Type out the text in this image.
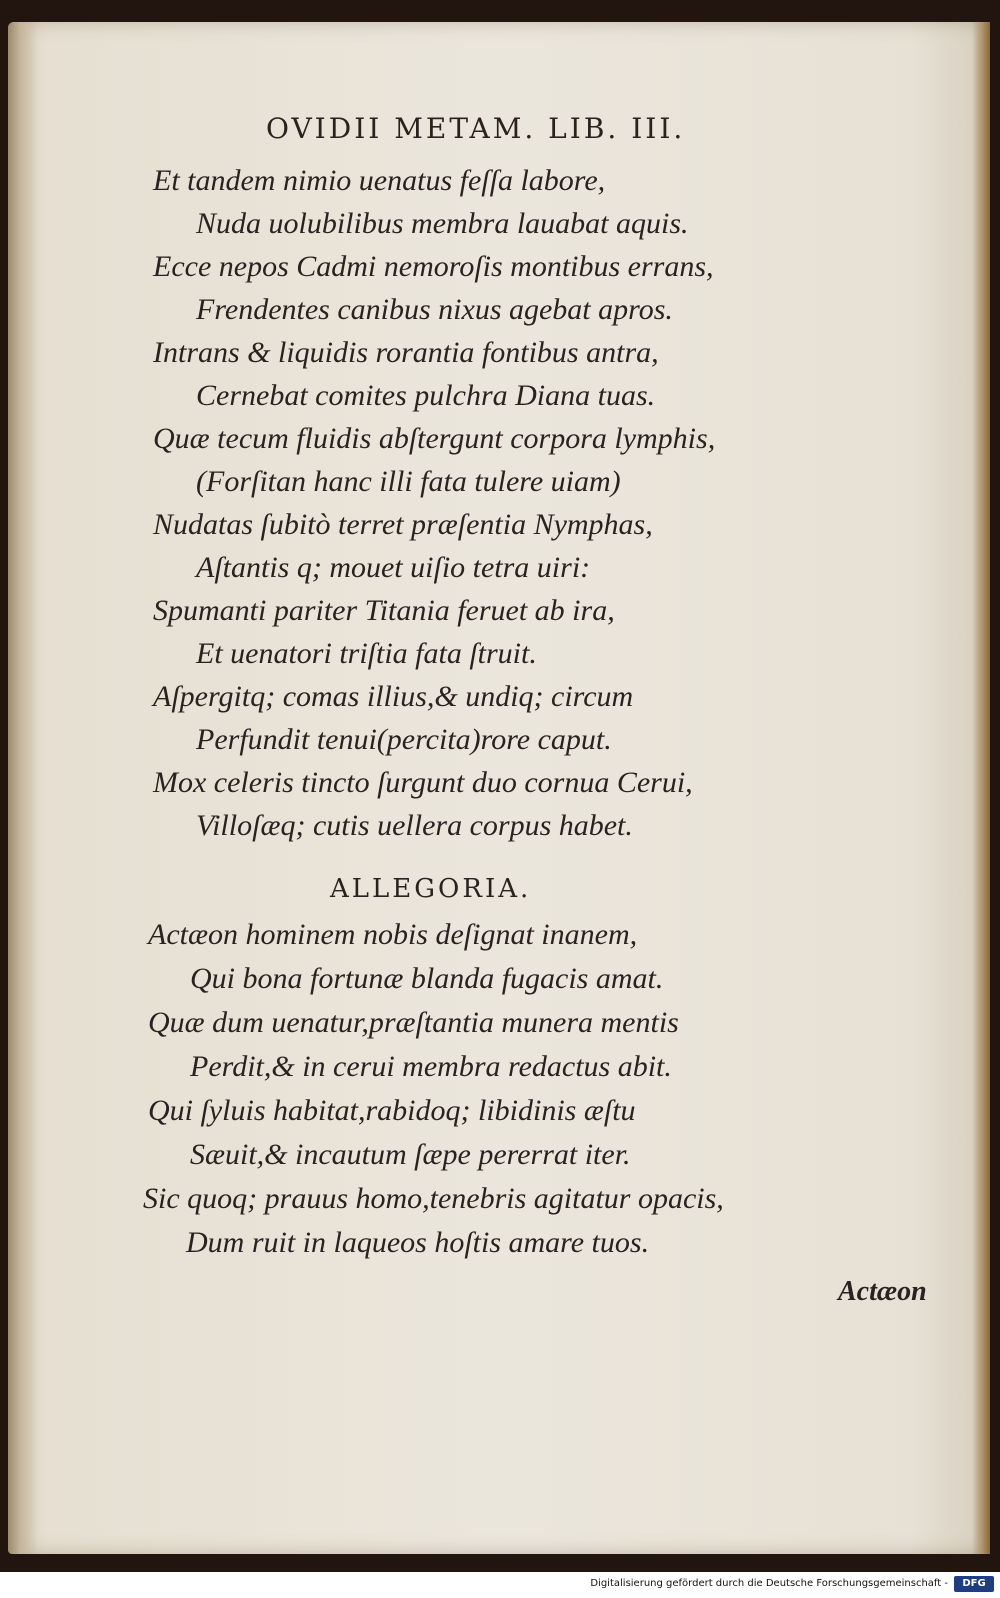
OVIDII METAM. LIB. III.
Et tandem nimio uenatus feſſa labore,
Nuda uolubilibus membra lauabat aquis.
Ecce nepos Cadmi nemoroſis montibus errans,
Frendentes canibus nixus agebat apros.
Intrans & liquidis rorantia fontibus antra,
Cernebat comites pulchra Diana tuas.
Quæ tecum fluidis abſtergunt corpora lymphis,
(Forſitan hanc illi fata tulere uiam)
Nudatas ſubitò terret præſentia Nymphas,
Aſtantis q; mouet uiſio tetra uiri:
Spumanti pariter Titania feruet ab ira,
Et uenatori triſtia fata ſtruit.
Aſpergitq; comas illius,& undiq; circum
Perfundit tenui(percita)rore caput.
Mox celeris tincto ſurgunt duo cornua Cerui,
Villoſæq; cutis uellera corpus habet.
ALLEGORIA.
Actæon hominem nobis deſignat inanem,
Qui bona fortunæ blanda fugacis amat.
Quæ dum uenatur,præſtantia munera mentis
Perdit,& in cerui membra redactus abit.
Qui ſyluis habitat,rabidoq; libidinis æſtu
Sæuit,& incautum ſæpe pererrat iter.
Sic quoq; prauus homo,tenebris agitatur opacis,
Dum ruit in laqueos hoſtis amare tuos.
Actæon
Digitalisierung gefördert durch die Deutsche Forschungsgemeinschaft -	DFG
